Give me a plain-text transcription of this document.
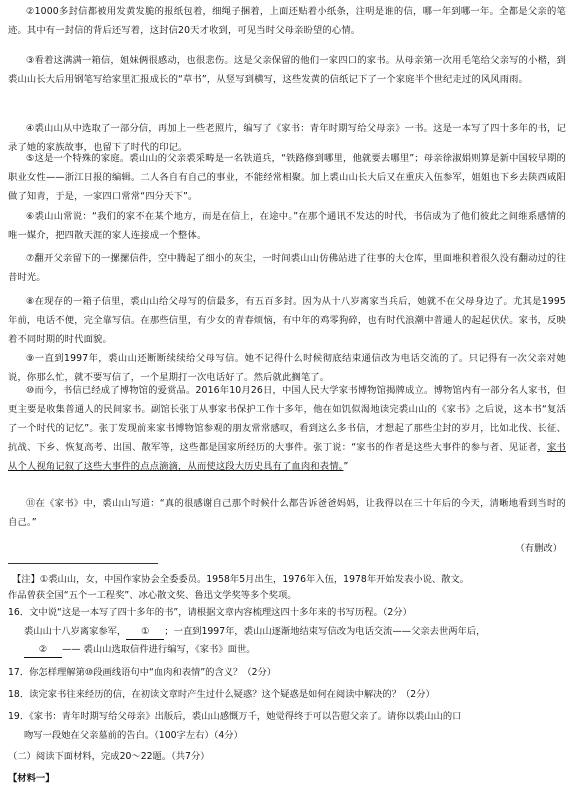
②1000多封信都被用发黄发脆的报纸包着，细绳子捆着，上面还贴着小纸条，注明是谁的信，哪一年到哪一年。全都是父亲的笔迹。其中有一封信的背后还写着，这封信20天才收到，可见当时父母亲盼望的心情。

③看着这满满一箱信，姐妹俩很感动，也很悲伤。这是父亲保留的他们一家四口的家书。从母亲第一次用毛笔给父亲写的小楷，到裘山山长大后用钢笔写给家里汇报成长的“草书”，从竖写到横写，这些发黄的信纸记下了一个家庭半个世纪走过的风风雨雨。

④裘山山从中选取了一部分信，再加上一些老照片，编写了《家书：青年时期写给父母亲》一书。这是一本写了四十多年的书，记录了她的家族故事，也留下了时代的印记。

⑤这是一个特殊的家庭。裘山山的父亲裘采畴是一名铁道兵，“铁路修到哪里，他就要去哪里”；母亲徐淑娟则算是新中国较早期的职业女性——浙江日报的编辑。二人各自有自己的事业，不能经常相聚。加上裘山山长大后又在重庆入伍参军，姐姐也下乡去陕西咸阳做了知青，于是，一家四口常常“四分天下”。

⑥裘山山常说：“我们的家不在某个地方，而是在信上，在途中。”在那个通讯不发达的时代，书信成为了他们彼此之间维系感情的唯一媒介，把四散天涯的家人连接成一个整体。

⑦翻开父亲留下的一摞摞信件，空中腾起了细小的灰尘，一时间裘山山仿佛站进了往事的大仓库，里面堆积着很久没有翻动过的往昔时光。

⑧在现存的一箱子信里，裘山山给父母写的信最多，有五百多封。因为从十八岁离家当兵后，她就不在父母身边了。尤其是1995年前，电话不便，完全靠写信。在那些信里，有少女的青春烦恼，有中年的鸡零狗碎，也有时代浪潮中普通人的起起伏伏。家书，反映着不同时期的时代面貌。

⑨一直到1997年，裘山山还断断续续给父母写信。她不记得什么时候彻底结束通信改为电话交流的了。只记得有一次父亲对她说，你那么忙，就不要写信了，一个星期打一次电话好了。然后就此搁笔了。

⑩而今，书信已经成了博物馆的爱赏品。2016年10月26日，中国人民大学家书博物馆揭牌成立。博物馆内有一部分名人家书，但更主要是收集普通人的民间家书。副馆长张丁从事家书保护工作十多年，他在如饥似渴地读完裘山山的《家书》之后说，这本书“复活了一个时代的记忆”。张丁发现前来家书博物馆参观的朋友常常感叹，看到这么多书信，才想起了那些尘封的岁月，比如北伐、长征、抗战、下乡、恢复高考、出国、散军等，这些都是国家所经历的大事件。张丁说：“家书的作者是这些大事件的参与者、见证者，家书从个人视角记叙了这些大事件的点点滴滴，从而使这段大历史具有了血肉和表情。”

⑪在《家书》中，裘山山写道：“真的很感谢自己那个时候什么都告诉爸爸妈妈，让我得以在三十年后的今天，清晰地看到当时的自己。”

（有删改）

【注】①裘山山，女，中国作家协会全委委员。1958年5月出生，1976年入伍，1978年开始发表小说、散文。

作品曾获全国“五个一工程奖”、冰心散文奖、鲁迅文学奖等多个奖项。

16．文中说“这是一本写了四十多年的书”，请根据文章内容梳理这四十多年来的书写历程。（2分）

裘山山十八岁离家参军， ① ；一直到1997年，裘山山逐渐地结束写信改为电话交流——父亲去世两年后，

② —— 裘山山选取信件进行编写，《家书》面世。

17．你怎样理解第⑩段画线语句中“血肉和表情”的含义？（2分）

18．读完家书往来经历的信，在初读文章时产生过什么疑惑？这个疑惑是如何在阅读中解决的？（2分）

19．《家书：青年时期写给父母亲》出版后，裘山山感慨万千，她觉得终于可以告慰父亲了。请你以裘山山的口

吻写一段她在父亲墓前的告白。（100字左右）（4分）

（二）阅读下面材料，完成20～22题。（共7分）

【材料一】
